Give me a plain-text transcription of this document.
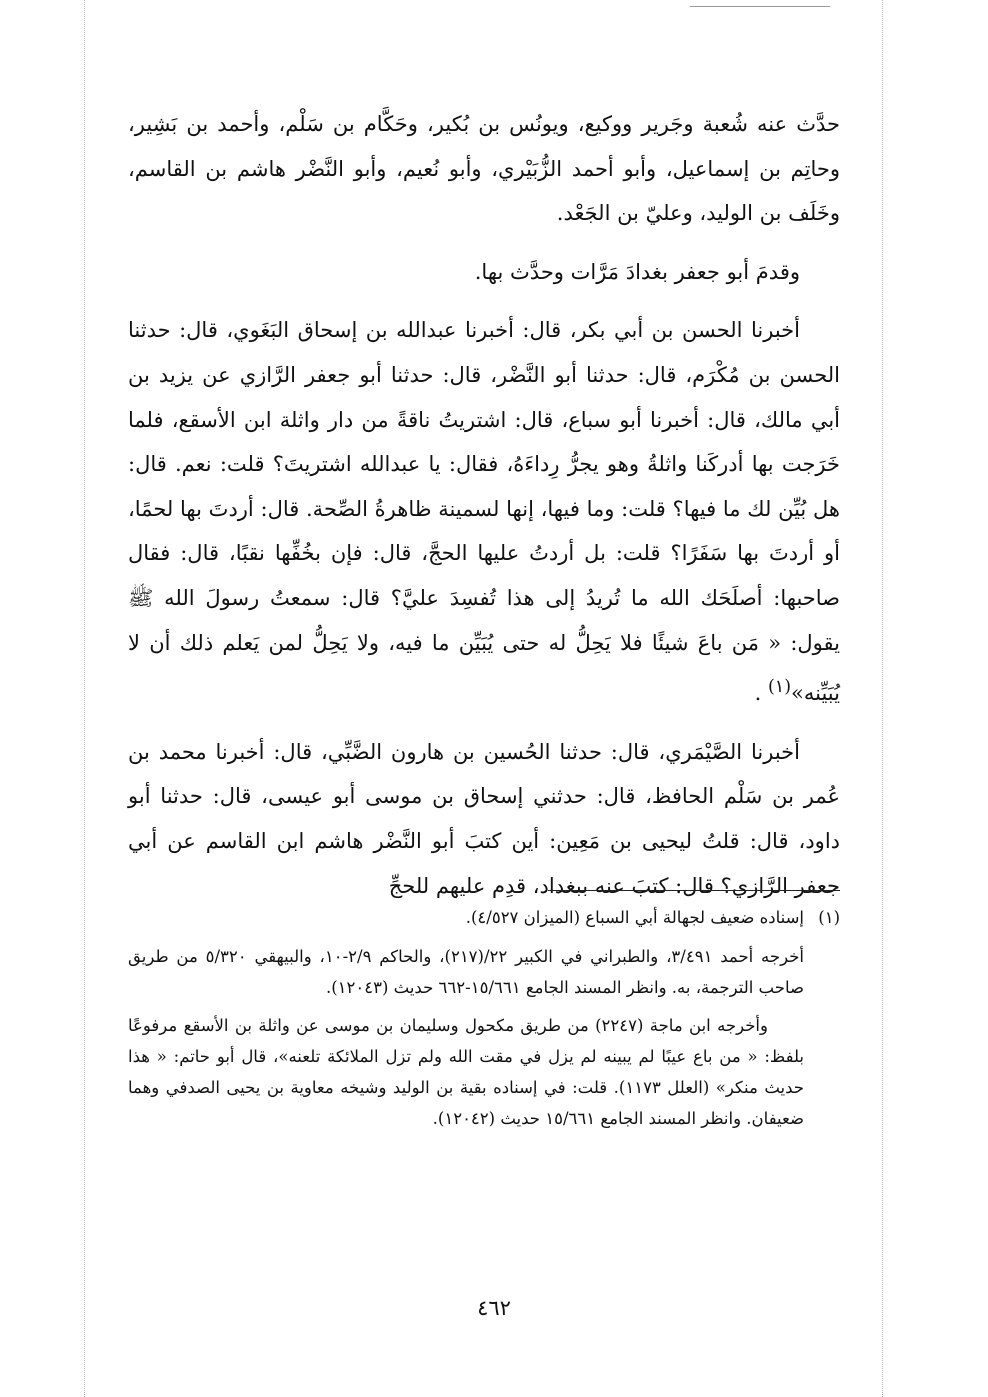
حدَّث عنه شُعبة وجَرير ووكيع، ويونُس بن بُكير، وحَكَّام بن سَلْم، وأحمد بن بَشِير، وحاتِم بن إسماعيل، وأبو أحمد الزُّبَيْري، وأبو نُعيم، وأبو النَّضْر هاشم بن القاسم، وخَلَف بن الوليد، وعليّ بن الجَعْد.

وقدمَ أبو جعفر بغدادَ مَرَّات وحدَّث بها.

أخبرنا الحسن بن أبي بكر، قال: أخبرنا عبدالله بن إسحاق البَغَوي، قال: حدثنا الحسن بن مُكْرَم، قال: حدثنا أبو النَّضْر، قال: حدثنا أبو جعفر الرَّازي عن يزيد بن أبي مالك، قال: أخبرنا أبو سباع، قال: اشتريتُ ناقةً من دار واثلة ابن الأسقع، فلما خَرَجت بها أدركَنا واثلةُ وهو يجرُّ رِداءَهُ، فقال: يا عبدالله اشتريتَ؟ قلت: نعم. قال: هل بُيِّن لك ما فيها؟ قلت: وما فيها، إنها لسمينة ظاهرةُ الصِّحة. قال: أردتَ بها لحمًا، أو أردتَ بها سَفَرًا؟ قلت: بل أردتُ عليها الحجَّ، قال: فإن بخُفِّها نقبًا، قال: فقال صاحبها: أصلَحَك الله ما تُريدُ إلى هذا تُفسِدَ عليَّ؟ قال: سمعتُ رسولَ الله ﷺ يقول: « مَن باعَ شيئًا فلا يَحِلُّ له حتى يُبَيِّن ما فيه، ولا يَحِلُّ لمن يَعلم ذلك أن لا يُبَيِّنه»$^{(١)}$ .

أخبرنا الصَّيْمَري، قال: حدثنا الحُسين بن هارون الضَّبِّي، قال: أخبرنا محمد بن عُمر بن سَلْم الحافظ، قال: حدثني إسحاق بن موسى أبو عيسى، قال: حدثنا أبو داود، قال: قلتُ ليحيى بن مَعِين: أين كتبَ أبو النَّضْر هاشم ابن القاسم عن أبي جعفر الرَّازي؟ قال: كتبَ عنه ببغداد، قدِم عليهم للحجِّ

(١)إسناده ضعيف لجهالة أبي السباع (الميزان ٤/٥٢٧).

أخرجه أحمد ٣/٤٩١، والطبراني في الكبير ٢٢/(٢١٧)، والحاكم ٢/٩-١٠، والبيهقي ٥/٣٢٠ من طريق صاحب الترجمة، به. وانظر المسند الجامع ١٥/٦٦١-٦٦٢ حديث (١٢٠٤٣).

وأخرجه ابن ماجة (٢٢٤٧) من طريق مكحول وسليمان بن موسى عن واثلة بن الأسقع مرفوعًا بلفظ: « من باع عيبًا لم يبينه لم يزل في مقت الله ولم تزل الملائكة تلعنه»، قال أبو حاتم: « هذا حديث منكر» (العلل ١١٧٣). قلت: في إسناده بقية بن الوليد وشيخه معاوية بن يحيى الصدفي وهما ضعيفان. وانظر المسند الجامع ١٥/٦٦١ حديث (١٢٠٤٢).

٤٦٢
